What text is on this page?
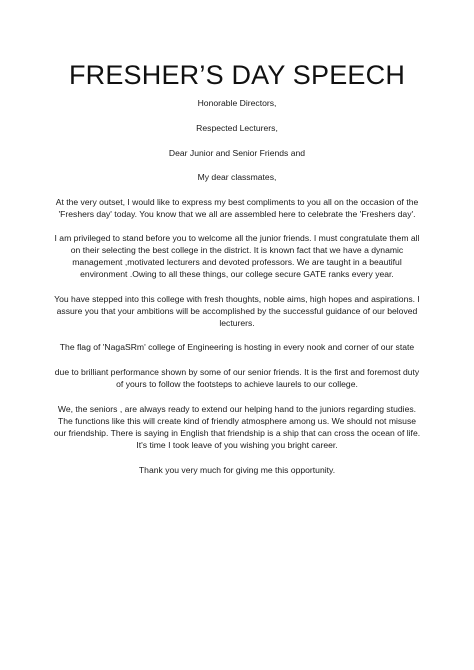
FRESHER’S DAY SPEECH
Honorable Directors,
Respected Lecturers,
Dear Junior and Senior Friends and
My dear classmates,
At the very outset, I would like to express my best compliments to you all on the occasion of the 'Freshers day' today. You know that we all are assembled here to celebrate the 'Freshers day'.
I am privileged to stand before you to welcome all the junior friends. I must congratulate them all on their selecting the best college in the district. It is known fact that we have a dynamic management ,motivated lecturers and devoted professors. We are taught in a beautiful environment .Owing to all these things, our college secure GATE ranks every year.
You have stepped into this college with fresh thoughts, noble aims, high hopes and aspirations. I assure you that your ambitions will be accomplished by the successful guidance of our beloved lecturers.
The flag of 'NagaSRm' college of Engineering is hosting in every nook and corner of our state
due to brilliant performance shown by some of our senior friends. It is the first and foremost duty of yours to follow the footsteps to achieve laurels to our college.
We, the seniors , are always ready to extend our helping hand to the juniors regarding studies. The functions like this will create kind of friendly atmosphere among us. We should not misuse our friendship. There is saying in English that friendship is a ship that can cross the ocean of life. It's time I took leave of you wishing you bright career.
Thank you very much for giving me this opportunity.
